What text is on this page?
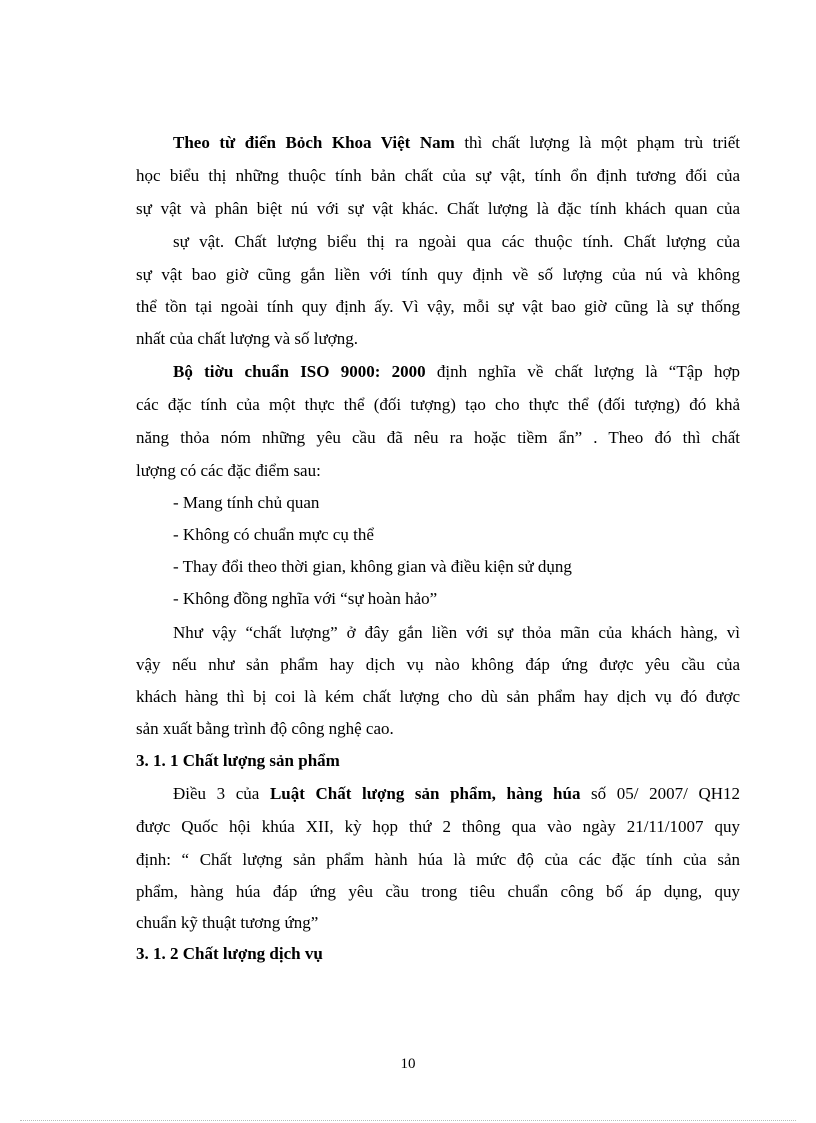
Theo từ điển Bỏch Khoa Việt Nam thì chất lượng là một phạm trù triết
học biểu thị những thuộc tính bản chất của sự vật, tính ổn định tương đối của
sự vật và phân biệt nú với sự vật khác. Chất lượng là đặc tính khách quan của
sự vật. Chất lượng biểu thị ra ngoài qua các thuộc tính. Chất lượng của
sự vật bao giờ cũng gắn liền với tính quy định về số lượng của nú và không
thể tồn tại ngoài tính quy định ấy. Vì vậy, mỗi sự vật bao giờ cũng là sự thống
nhất của chất lượng và số lượng.
Bộ tiờu chuẩn ISO 9000: 2000 định nghĩa về chất lượng là “Tập hợp
các đặc tính của một thực thể (đối tượng) tạo cho thực thể (đối tượng) đó khả
năng thỏa nóm những yêu cầu đã nêu ra hoặc tiềm ẩn” . Theo đó thì chất
lượng có các đặc điểm sau:
- Mang tính chủ quan
- Không có chuẩn mực cụ thể
- Thay đổi theo thời gian, không gian và điều kiện sử dụng
- Không đồng nghĩa với “sự hoàn hảo”
Như vậy “chất lượng” ở đây gắn liền với sự thỏa mãn của khách hàng, vì
vậy nếu như sản phẩm hay dịch vụ nào không đáp ứng được yêu cầu của
khách hàng thì bị coi là kém chất lượng cho dù sản phẩm hay dịch vụ đó được
sản xuất bằng trình độ công nghệ cao.
3. 1. 1 Chất lượng sản phẩm
Điều 3 của Luật Chất lượng sản phẩm, hàng húa số 05/ 2007/ QH12
được Quốc hội khúa XII, kỳ họp thứ 2 thông qua vào ngày 21/11/1007 quy
định: “ Chất lượng sản phẩm hành húa là mức độ của các đặc tính của sản
phẩm, hàng húa đáp ứng yêu cầu trong tiêu chuẩn công bố áp dụng, quy
chuẩn kỹ thuật tương ứng”
3. 1. 2 Chất lượng dịch vụ
10
